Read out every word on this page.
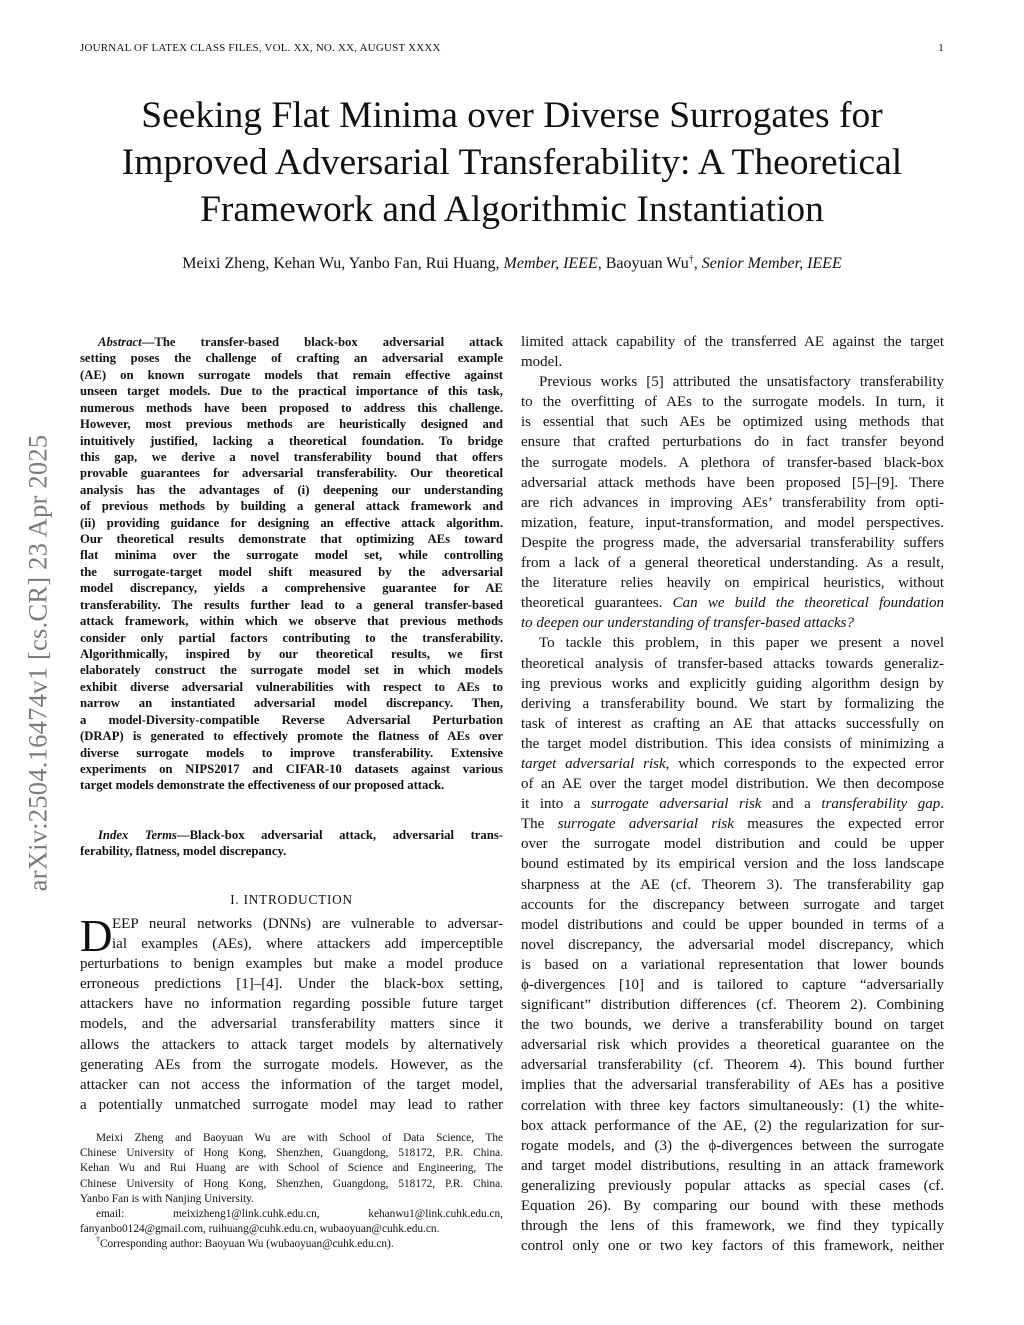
JOURNAL OF LATEX CLASS FILES, VOL. XX, NO. XX, AUGUST XXXX	1
Seeking Flat Minima over Diverse Surrogates for
Improved Adversarial Transferability: A Theoretical
Framework and Algorithmic Instantiation
Meixi Zheng, Kehan Wu, Yanbo Fan, Rui Huang, Member, IEEE, Baoyuan Wu†, Senior Member, IEEE
arXiv:2504.16474v1 [cs.CR] 23 Apr 2025
Abstract—The transfer-based black-box adversarial attack
setting poses the challenge of crafting an adversarial example
(AE) on known surrogate models that remain effective against
unseen target models. Due to the practical importance of this task,
numerous methods have been proposed to address this challenge.
However, most previous methods are heuristically designed and
intuitively justified, lacking a theoretical foundation. To bridge
this gap, we derive a novel transferability bound that offers
provable guarantees for adversarial transferability. Our theoretical
analysis has the advantages of (i) deepening our understanding
of previous methods by building a general attack framework and
(ii) providing guidance for designing an effective attack algorithm.
Our theoretical results demonstrate that optimizing AEs toward
flat minima over the surrogate model set, while controlling
the surrogate-target model shift measured by the adversarial
model discrepancy, yields a comprehensive guarantee for AE
transferability. The results further lead to a general transfer-based
attack framework, within which we observe that previous methods
consider only partial factors contributing to the transferability.
Algorithmically, inspired by our theoretical results, we first
elaborately construct the surrogate model set in which models
exhibit diverse adversarial vulnerabilities with respect to AEs to
narrow an instantiated adversarial model discrepancy. Then,
a model-Diversity-compatible Reverse Adversarial Perturbation
(DRAP) is generated to effectively promote the flatness of AEs over
diverse surrogate models to improve transferability. Extensive
experiments on NIPS2017 and CIFAR-10 datasets against various
target models demonstrate the effectiveness of our proposed attack.
Index Terms—Black-box adversarial attack, adversarial trans-
ferability, flatness, model discrepancy.
I. INTRODUCTION
D EEP neural networks (DNNs) are vulnerable to adversar-
ial examples (AEs), where attackers add imperceptible
perturbations to benign examples but make a model produce
erroneous predictions [1]–[4]. Under the black-box setting,
attackers have no information regarding possible future target
models, and the adversarial transferability matters since it
allows the attackers to attack target models by alternatively
generating AEs from the surrogate models. However, as the
attacker can not access the information of the target model,
a potentially unmatched surrogate model may lead to rather
Meixi Zheng and Baoyuan Wu are with School of Data Science, The
Chinese University of Hong Kong, Shenzhen, Guangdong, 518172, P.R. China.
Kehan Wu and Rui Huang are with School of Science and Engineering, The
Chinese University of Hong Kong, Shenzhen, Guangdong, 518172, P.R. China.
Yanbo Fan is with Nanjing University.
email: meixizheng1@link.cuhk.edu.cn, kehanwu1@link.cuhk.edu.cn,
fanyanbo0124@gmail.com, ruihuang@cuhk.edu.cn, wubaoyuan@cuhk.edu.cn.
†Corresponding author: Baoyuan Wu (wubaoyuan@cuhk.edu.cn).
limited attack capability of the transferred AE against the target
model.
Previous works [5] attributed the unsatisfactory transferability
to the overfitting of AEs to the surrogate models. In turn, it
is essential that such AEs be optimized using methods that
ensure that crafted perturbations do in fact transfer beyond
the surrogate models. A plethora of transfer-based black-box
adversarial attack methods have been proposed [5]–[9]. There
are rich advances in improving AEs’ transferability from opti-
mization, feature, input-transformation, and model perspectives.
Despite the progress made, the adversarial transferability suffers
from a lack of a general theoretical understanding. As a result,
the literature relies heavily on empirical heuristics, without
theoretical guarantees. Can we build the theoretical foundation
to deepen our understanding of transfer-based attacks?
To tackle this problem, in this paper we present a novel
theoretical analysis of transfer-based attacks towards generaliz-
ing previous works and explicitly guiding algorithm design by
deriving a transferability bound. We start by formalizing the
task of interest as crafting an AE that attacks successfully on
the target model distribution. This idea consists of minimizing a
target adversarial risk, which corresponds to the expected error
of an AE over the target model distribution. We then decompose
it into a surrogate adversarial risk and a transferability gap.
The surrogate adversarial risk measures the expected error
over the surrogate model distribution and could be upper
bound estimated by its empirical version and the loss landscape
sharpness at the AE (cf. Theorem 3). The transferability gap
accounts for the discrepancy between surrogate and target
model distributions and could be upper bounded in terms of a
novel discrepancy, the adversarial model discrepancy, which
is based on a variational representation that lower bounds
ϕ-divergences [10] and is tailored to capture “adversarially
significant” distribution differences (cf. Theorem 2). Combining
the two bounds, we derive a transferability bound on target
adversarial risk which provides a theoretical guarantee on the
adversarial transferability (cf. Theorem 4). This bound further
implies that the adversarial transferability of AEs has a positive
correlation with three key factors simultaneously: (1) the white-
box attack performance of the AE, (2) the regularization for sur-
rogate models, and (3) the ϕ-divergences between the surrogate
and target model distributions, resulting in an attack framework
generalizing previously popular attacks as special cases (cf.
Equation 26). By comparing our bound with these methods
through the lens of this framework, we find they typically
control only one or two key factors of this framework, neither
